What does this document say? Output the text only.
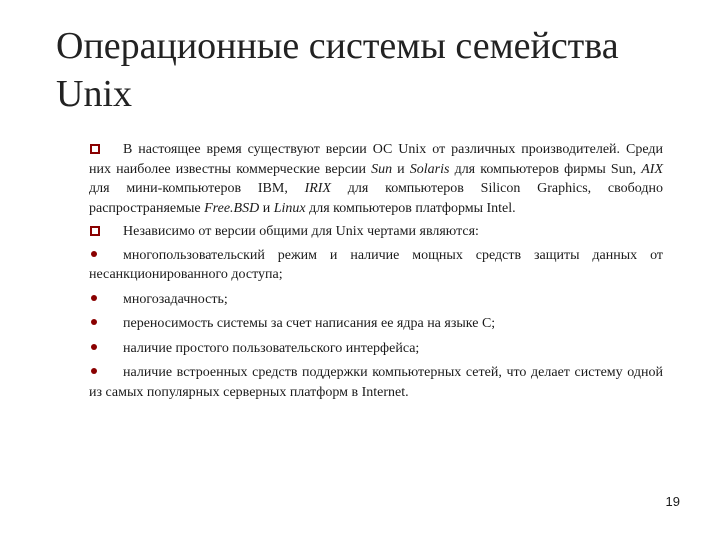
Операционные системы семейства Unix

В настоящее время существуют версии ОС Unix от различных производителей. Среди них наиболее известны коммерческие версии Sun и Solaris для компьютеров фирмы Sun, AIX для мини-компьютеров IBM, IRIX для компьютеров Silicon Graphics, свободно распространяемые Free.BSD и Linux для компьютеров платформы Intel.

Независимо от версии общими для Unix чертами являются:

многопользовательский режим и наличие мощных средств защиты данных от несанкционированного доступа;

многозадачность;

переносимость системы за счет написания ее ядра на языке С;

наличие простого пользовательского интерфейса;

наличие встроенных средств поддержки компьютерных сетей, что делает систему одной из самых популярных серверных платформ в Internet.

19
